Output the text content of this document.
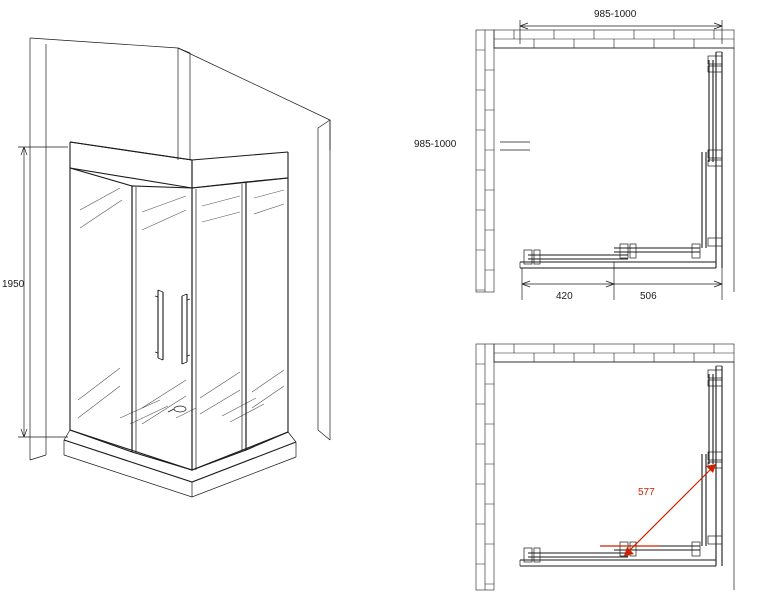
1950
985-1000
985-1000
420	506
577
